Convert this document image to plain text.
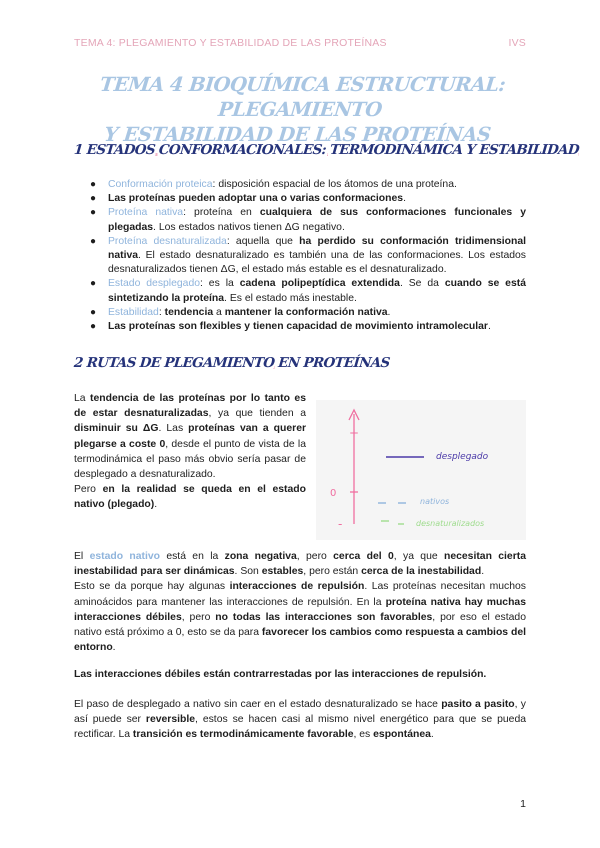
TEMA 4: PLEGAMIENTO Y ESTABILIDAD DE LAS PROTEÍNAS	IVS
TEMA 4 BIOQUÍMICA ESTRUCTURAL: PLEGAMIENTO
Y ESTABILIDAD DE LAS PROTEÍNAS
1 ESTADOS CONFORMACIONALES: TERMODINÁMICA Y ESTABILIDAD
● Conformación proteica: disposición espacial de los átomos de una proteína.
● Las proteínas pueden adoptar una o varias conformaciones.
● Proteína nativa: proteína en cualquiera de sus conformaciones funcionales y plegadas. Los estados nativos tienen ΔG negativo.
● Proteína desnaturalizada: aquella que ha perdido su conformación tridimensional nativa. El estado desnaturalizado es también una de las conformaciones. Los estados desnaturalizados tienen ΔG, el estado más estable es el desnaturalizado.
● Estado desplegado: es la cadena polipeptídica extendida. Se da cuando se está sintetizando la proteína. Es el estado más inestable.
● Estabilidad: tendencia a mantener la conformación nativa.
● Las proteínas son flexibles y tienen capacidad de movimiento intramolecular.
2 RUTAS DE PLEGAMIENTO EN PROTEÍNAS

La tendencia de las proteínas por lo tanto es de estar desnaturalizadas, ya que tienden a disminuir su ΔG. Las proteínas van a querer plegarse a coste 0, desde el punto de vista de la termodinámica el paso más obvio sería pasar de desplegado a desnaturalizado.
Pero en la realidad se queda en el estado nativo (plegado).

+
0
-
desplegado
nativos
desnaturalizados

El estado nativo está en la zona negativa, pero cerca del 0, ya que necesitan cierta inestabilidad para ser dinámicas. Son estables, pero están cerca de la inestabilidad.
Esto se da porque hay algunas interacciones de repulsión. Las proteínas necesitan muchos aminoácidos para mantener las interacciones de repulsión. En la proteína nativa hay muchas interacciones débiles, pero no todas las interacciones son favorables, por eso el estado nativo está próximo a 0, esto se da para favorecer los cambios como respuesta a cambios del entorno.

Las interacciones débiles están contrarrestadas por las interacciones de repulsión.

El paso de desplegado a nativo sin caer en el estado desnaturalizado se hace pasito a pasito, y así puede ser reversible, estos se hacen casi al mismo nivel energético para que se pueda rectificar. La transición es termodinámicamente favorable, es espontánea.

1
